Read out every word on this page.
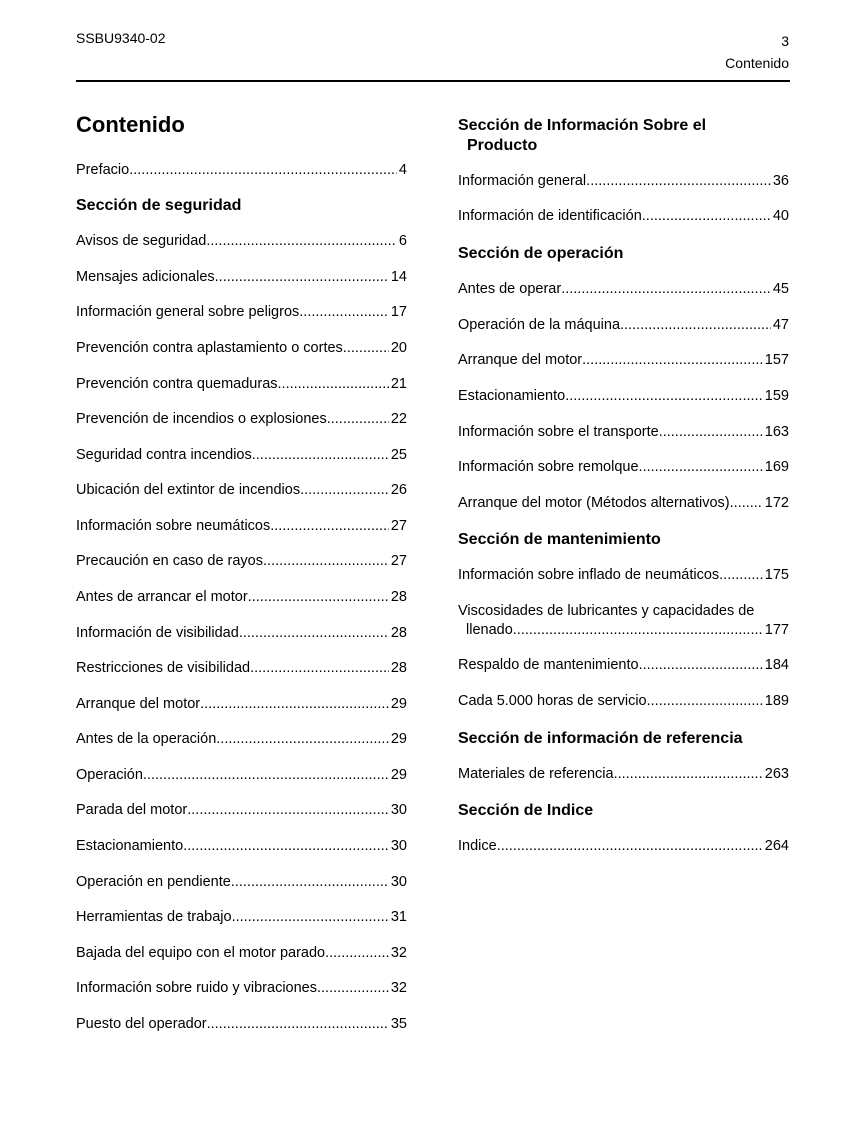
SSBU9340-02	3
Contenido
Contenido
Prefacio .....	4
Sección de seguridad
Avisos de seguridad .....	6
Mensajes adicionales .....	14
Información general sobre peligros .....	17
Prevención contra aplastamiento o cortes .....	20
Prevención contra quemaduras .....	21
Prevención de incendios o explosiones .....	22
Seguridad contra incendios .....	25
Ubicación del extintor de incendios .....	26
Información sobre neumáticos .....	27
Precaución en caso de rayos .....	27
Antes de arrancar el motor .....	28
Información de visibilidad .....	28
Restricciones de visibilidad .....	28
Arranque del motor .....	29
Antes de la operación .....	29
Operación .....	29
Parada del motor .....	30
Estacionamiento .....	30
Operación en pendiente .....	30
Herramientas de trabajo .....	31
Bajada del equipo con el motor parado .....	32
Información sobre ruido y vibraciones .....	32
Puesto del operador .....	35
Sección de Información Sobre el
Producto
Información general .....	36
Información de identificación .....	40
Sección de operación
Antes de operar .....	45
Operación de la máquina .....	47
Arranque del motor .....	157
Estacionamiento .....	159
Información sobre el transporte .....	163
Información sobre remolque .....	169
Arranque del motor (Métodos alternativos) ..... 172
Sección de mantenimiento
Información sobre inflado de neumáticos .....	175
Viscosidades de lubricantes y capacidades de
llenado .....	177
Respaldo de mantenimiento .....	184
Cada 5.000 horas de servicio .....	189
Sección de información de referencia
Materiales de referencia .....	263
Sección de Indice
Indice .....	264
